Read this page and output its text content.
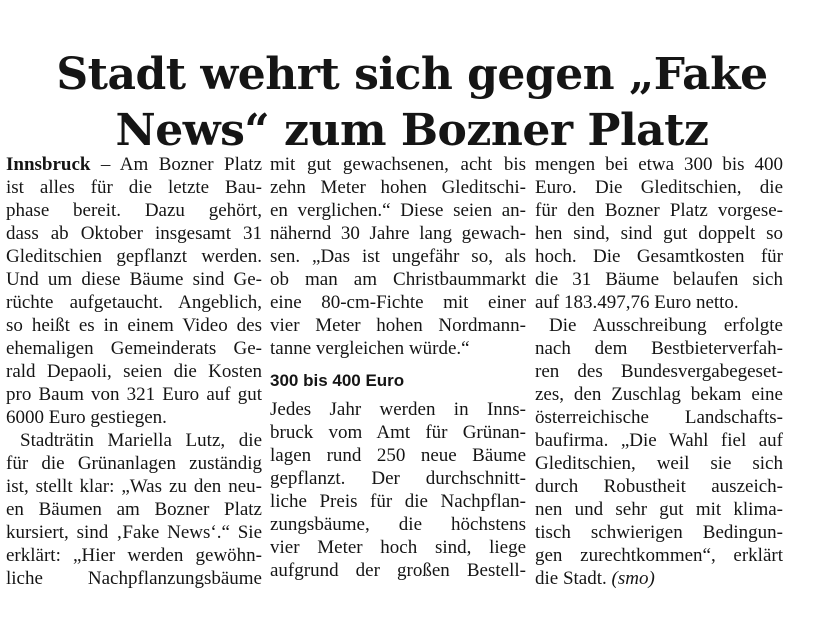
Stadt wehrt sich gegen „Fake
News“ zum Bozner Platz
Innsbruck – Am Bozner Platz
ist alles für die letzte Bau-
phase bereit. Dazu gehört,
dass ab Oktober insgesamt 31
Gleditschien gepflanzt werden.
Und um diese Bäume sind Ge-
rüchte aufgetaucht. Angeblich,
so heißt es in einem Video des
ehemaligen Gemeinderats Ge-
rald Depaoli, seien die Kosten
pro Baum von 321 Euro auf gut
6000 Euro gestiegen.
Stadträtin Mariella Lutz, die
für die Grünanlagen zuständig
ist, stellt klar: „Was zu den neu-
en Bäumen am Bozner Platz
kursiert, sind ‚Fake News‘.“ Sie
erklärt: „Hier werden gewöhn-
liche Nachpflanzungsbäume
mit gut gewachsenen, acht bis
zehn Meter hohen Gleditschi-
en verglichen.“ Diese seien an-
nähernd 30 Jahre lang gewach-
sen. „Das ist ungefähr so, als
ob man am Christbaummarkt
eine 80-cm-Fichte mit einer
vier Meter hohen Nordmann-
tanne vergleichen würde.“
300 bis 400 Euro
Jedes Jahr werden in Inns-
bruck vom Amt für Grünan-
lagen rund 250 neue Bäume
gepflanzt. Der durchschnitt-
liche Preis für die Nachpflan-
zungsbäume, die höchstens
vier Meter hoch sind, liege
aufgrund der großen Bestell-
mengen bei etwa 300 bis 400
Euro. Die Gleditschien, die
für den Bozner Platz vorgese-
hen sind, sind gut doppelt so
hoch. Die Gesamtkosten für
die 31 Bäume belaufen sich
auf 183.497,76 Euro netto.
Die Ausschreibung erfolgte
nach dem Bestbieterverfah-
ren des Bundesvergabegeset-
zes, den Zuschlag bekam eine
österreichische Landschafts-
baufirma. „Die Wahl fiel auf
Gleditschien, weil sie sich
durch Robustheit auszeich-
nen und sehr gut mit klima-
tisch schwierigen Bedingun-
gen zurechtkommen“, erklärt
die Stadt. (smo)
